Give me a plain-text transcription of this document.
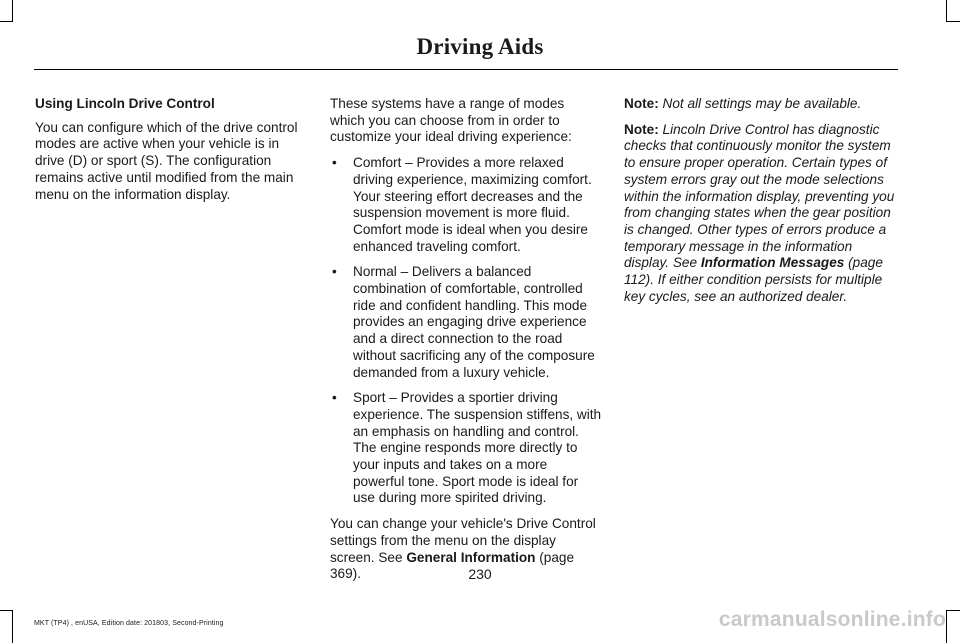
Driving Aids

Using Lincoln Drive Control

You can configure which of the drive control modes are active when your vehicle is in drive (D) or sport (S). The configuration remains active until modified from the main menu on the information display.

These systems have a range of modes which you can choose from in order to customize your ideal driving experience:

• Comfort – Provides a more relaxed driving experience, maximizing comfort. Your steering effort decreases and the suspension movement is more fluid. Comfort mode is ideal when you desire enhanced traveling comfort.
• Normal – Delivers a balanced combination of comfortable, controlled ride and confident handling. This mode provides an engaging drive experience and a direct connection to the road without sacrificing any of the composure demanded from a luxury vehicle.
• Sport – Provides a sportier driving experience. The suspension stiffens, with an emphasis on handling and control. The engine responds more directly to your inputs and takes on a more powerful tone. Sport mode is ideal for use during more spirited driving.

You can change your vehicle's Drive Control settings from the menu on the display screen. See General Information (page 369).

Note: Not all settings may be available.

Note: Lincoln Drive Control has diagnostic checks that continuously monitor the system to ensure proper operation. Certain types of system errors gray out the mode selections within the information display, preventing you from changing states when the gear position is changed. Other types of errors produce a temporary message in the information display. See Information Messages (page 112). If either condition persists for multiple key cycles, see an authorized dealer.

230
MKT (TP4) , enUSA, Edition date: 201803, Second-Printing	carmanualsonline.info
